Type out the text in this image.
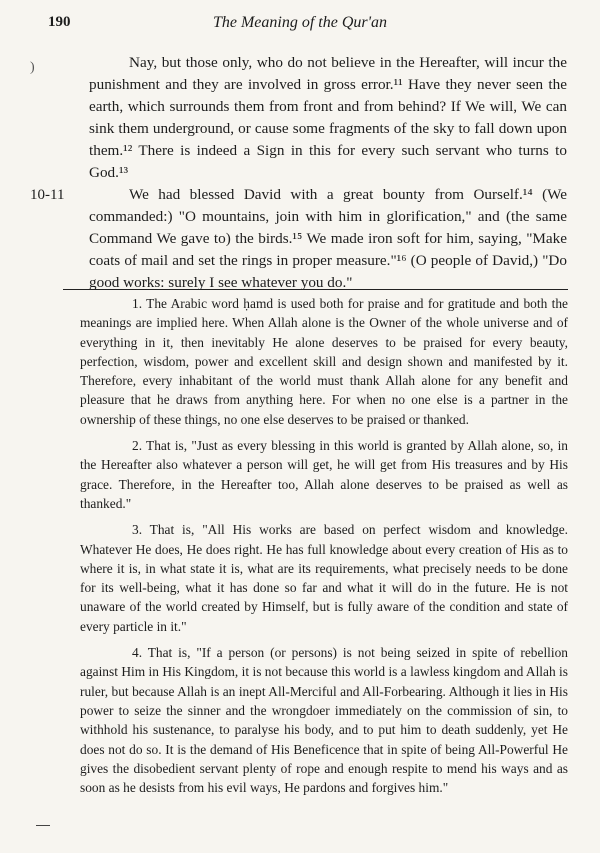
190	The Meaning of the Qur'an
)
10-11

Nay, but those only, who do not believe in the Hereafter, will incur the punishment and they are involved in gross error.¹¹ Have they never seen the earth, which surrounds them from front and from behind? If We will, We can sink them underground, or cause some fragments of the sky to fall down upon them.¹² There is indeed a Sign in this for every such servant who turns to God.¹³

We had blessed David with a great bounty from Ourself.¹⁴ (We commanded:) "O mountains, join with him in glorification," and (the same Command We gave to) the birds.¹⁵ We made iron soft for him, saying, "Make coats of mail and set the rings in proper measure."¹⁶ (O people of David,) "Do good works: surely I see whatever you do."

1. The Arabic word ḥamd is used both for praise and for gratitude and both the meanings are implied here. When Allah alone is the Owner of the whole universe and of everything in it, then inevitably He alone deserves to be praised for every beauty, perfection, wisdom, power and excellent skill and design shown and manifested by it. Therefore, every inhabitant of the world must thank Allah alone for any benefit and pleasure that he draws from anything here. For when no one else is a partner in the ownership of these things, no one else deserves to be praised or thanked.

2. That is, "Just as every blessing in this world is granted by Allah alone, so, in the Hereafter also whatever a person will get, he will get from His treasures and by His grace. Therefore, in the Hereafter too, Allah alone deserves to be praised as well as thanked."

3. That is, "All His works are based on perfect wisdom and knowledge. Whatever He does, He does right. He has full knowledge about every creation of His as to where it is, in what state it is, what are its requirements, what precisely needs to be done for its well-being, what it has done so far and what it will do in the future. He is not unaware of the world created by Himself, but is fully aware of the condition and state of every particle in it."

4. That is, "If a person (or persons) is not being seized in spite of rebellion against Him in His Kingdom, it is not because this world is a lawless kingdom and Allah is ruler, but because Allah is an inept All-Merciful and All-Forbearing. Although it lies in His power to seize the sinner and the wrongdoer immediately on the commission of sin, to withhold his sustenance, to paralyse his body, and to put him to death suddenly, yet He does not do so. It is the demand of His Beneficence that in spite of being All-Powerful He gives the disobedient servant plenty of rope and enough respite to mend his ways and as soon as he desists from his evil ways, He pardons and forgives him."
